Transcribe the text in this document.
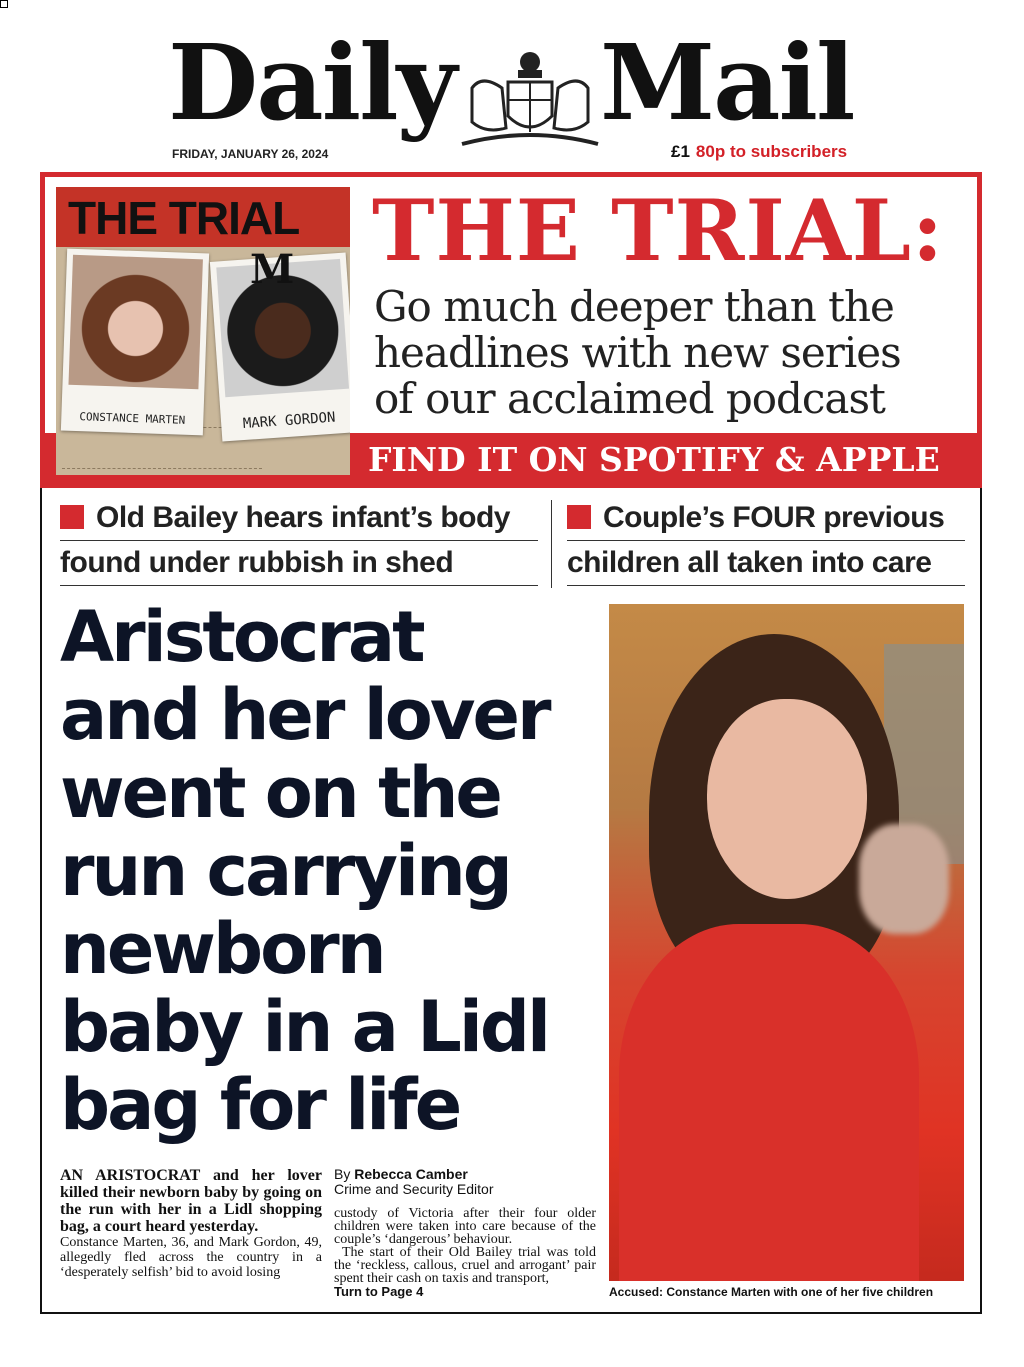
Daily Mail
FRIDAY, JANUARY 26, 2024	£1 80p to subscribers
THE TRIAL
CONSTANCE MARTEN	MARK GORDON
M THE TRIAL:
Go much deeper than the
headlines with new series
of our acclaimed podcast
FIND IT ON SPOTIFY & APPLE
Old Bailey hears infant’s body
found under rubbish in shed
Couple’s FOUR previous
children all taken into care
Aristocrat
and her lover
went on the
run carrying
newborn
baby in a Lidl
bag for life
Accused: Constance Marten with one of her five children
AN ARISTOCRAT and her lover killed their newborn baby by going on the run with her in a Lidl shopping bag, a court heard yesterday.
Constance Marten, 36, and Mark Gordon, 49, allegedly fled across the country in a ‘desperately selfish’ bid to avoid losing
By Rebecca Camber
Crime and Security Editor
custody of Victoria after their four older children were taken into care because of the couple’s ‘dangerous’ behaviour.
The start of their Old Bailey trial was told the ‘reckless, callous, cruel and arrogant’ pair spent their cash on taxis and transport,
Turn to Page 4
